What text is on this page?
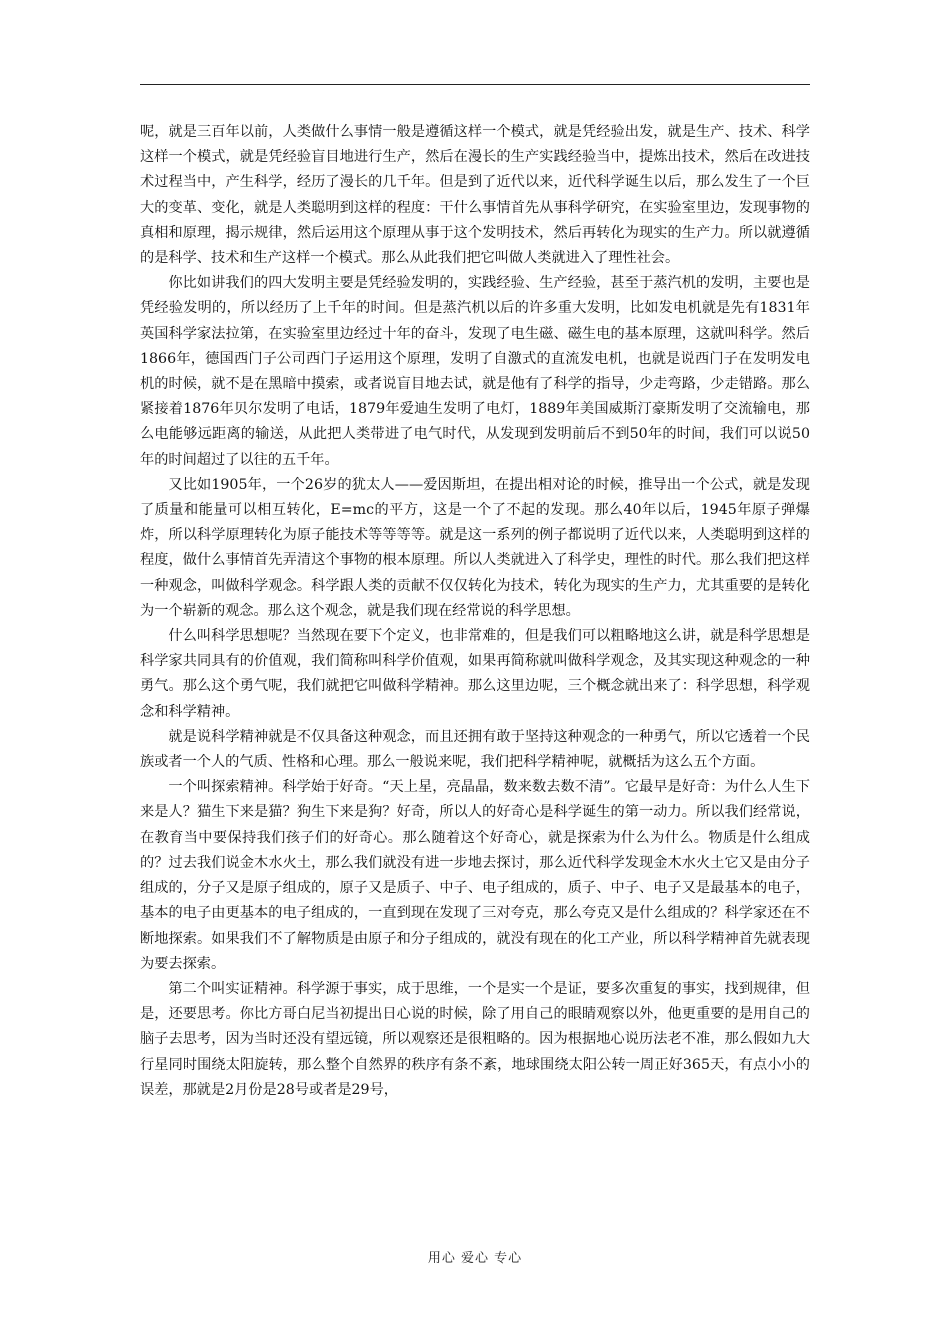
呢，就是三百年以前，人类做什么事情一般是遵循这样一个模式，就是凭经验出发，就是生产、技术、科学这样一个模式，就是凭经验盲目地进行生产，然后在漫长的生产实践经验当中，提炼出技术，然后在改进技术过程当中，产生科学，经历了漫长的几千年。但是到了近代以来，近代科学诞生以后，那么发生了一个巨大的变革、变化，就是人类聪明到这样的程度：干什么事情首先从事科学研究，在实验室里边，发现事物的真相和原理，揭示规律，然后运用这个原理从事于这个发明技术，然后再转化为现实的生产力。所以就遵循的是科学、技术和生产这样一个模式。那么从此我们把它叫做人类就进入了理性社会。

你比如讲我们的四大发明主要是凭经验发明的，实践经验、生产经验，甚至于蒸汽机的发明，主要也是凭经验发明的，所以经历了上千年的时间。但是蒸汽机以后的许多重大发明，比如发电机就是先有1831年英国科学家法拉第，在实验室里边经过十年的奋斗，发现了电生磁、磁生电的基本原理，这就叫科学。然后1866年，德国西门子公司西门子运用这个原理，发明了自激式的直流发电机，也就是说西门子在发明发电机的时候，就不是在黑暗中摸索，或者说盲目地去试，就是他有了科学的指导，少走弯路，少走错路。那么紧接着1876年贝尔发明了电话，1879年爱迪生发明了电灯，1889年美国威斯汀豪斯发明了交流输电，那么电能够远距离的输送，从此把人类带进了电气时代，从发现到发明前后不到50年的时间，我们可以说50年的时间超过了以往的五千年。

又比如1905年，一个26岁的犹太人——爱因斯坦，在提出相对论的时候，推导出一个公式，就是发现了质量和能量可以相互转化，E=mc的平方，这是一个了不起的发现。那么40年以后，1945年原子弹爆炸，所以科学原理转化为原子能技术等等等等。就是这一系列的例子都说明了近代以来，人类聪明到这样的程度，做什么事情首先弄清这个事物的根本原理。所以人类就进入了科学史，理性的时代。那么我们把这样一种观念，叫做科学观念。科学跟人类的贡献不仅仅转化为技术，转化为现实的生产力，尤其重要的是转化为一个崭新的观念。那么这个观念，就是我们现在经常说的科学思想。

什么叫科学思想呢？当然现在要下个定义，也非常难的，但是我们可以粗略地这么讲，就是科学思想是科学家共同具有的价值观，我们简称叫科学价值观，如果再简称就叫做科学观念，及其实现这种观念的一种勇气。那么这个勇气呢，我们就把它叫做科学精神。那么这里边呢，三个概念就出来了：科学思想，科学观念和科学精神。

就是说科学精神就是不仅具备这种观念，而且还拥有敢于坚持这种观念的一种勇气，所以它透着一个民族或者一个人的气质、性格和心理。那么一般说来呢，我们把科学精神呢，就概括为这么五个方面。

一个叫探索精神。科学始于好奇。“天上星，亮晶晶，数来数去数不清”。它最早是好奇：为什么人生下来是人？猫生下来是猫？狗生下来是狗？好奇，所以人的好奇心是科学诞生的第一动力。所以我们经常说，在教育当中要保持我们孩子们的好奇心。那么随着这个好奇心，就是探索为什么为什么。物质是什么组成的？过去我们说金木水火土，那么我们就没有进一步地去探讨，那么近代科学发现金木水火土它又是由分子组成的，分子又是原子组成的，原子又是质子、中子、电子组成的，质子、中子、电子又是最基本的电子，基本的电子由更基本的电子组成的，一直到现在发现了三对夸克，那么夸克又是什么组成的？科学家还在不断地探索。如果我们不了解物质是由原子和分子组成的，就没有现在的化工产业，所以科学精神首先就表现为要去探索。

第二个叫实证精神。科学源于事实，成于思维，一个是实一个是证，要多次重复的事实，找到规律，但是，还要思考。你比方哥白尼当初提出日心说的时候，除了用自己的眼睛观察以外，他更重要的是用自己的脑子去思考，因为当时还没有望远镜，所以观察还是很粗略的。因为根据地心说历法老不准，那么假如九大行星同时围绕太阳旋转，那么整个自然界的秩序有条不紊，地球围绕太阳公转一周正好365天，有点小小的误差，那就是2月份是28号或者是29号，

用心 爱心 专心
